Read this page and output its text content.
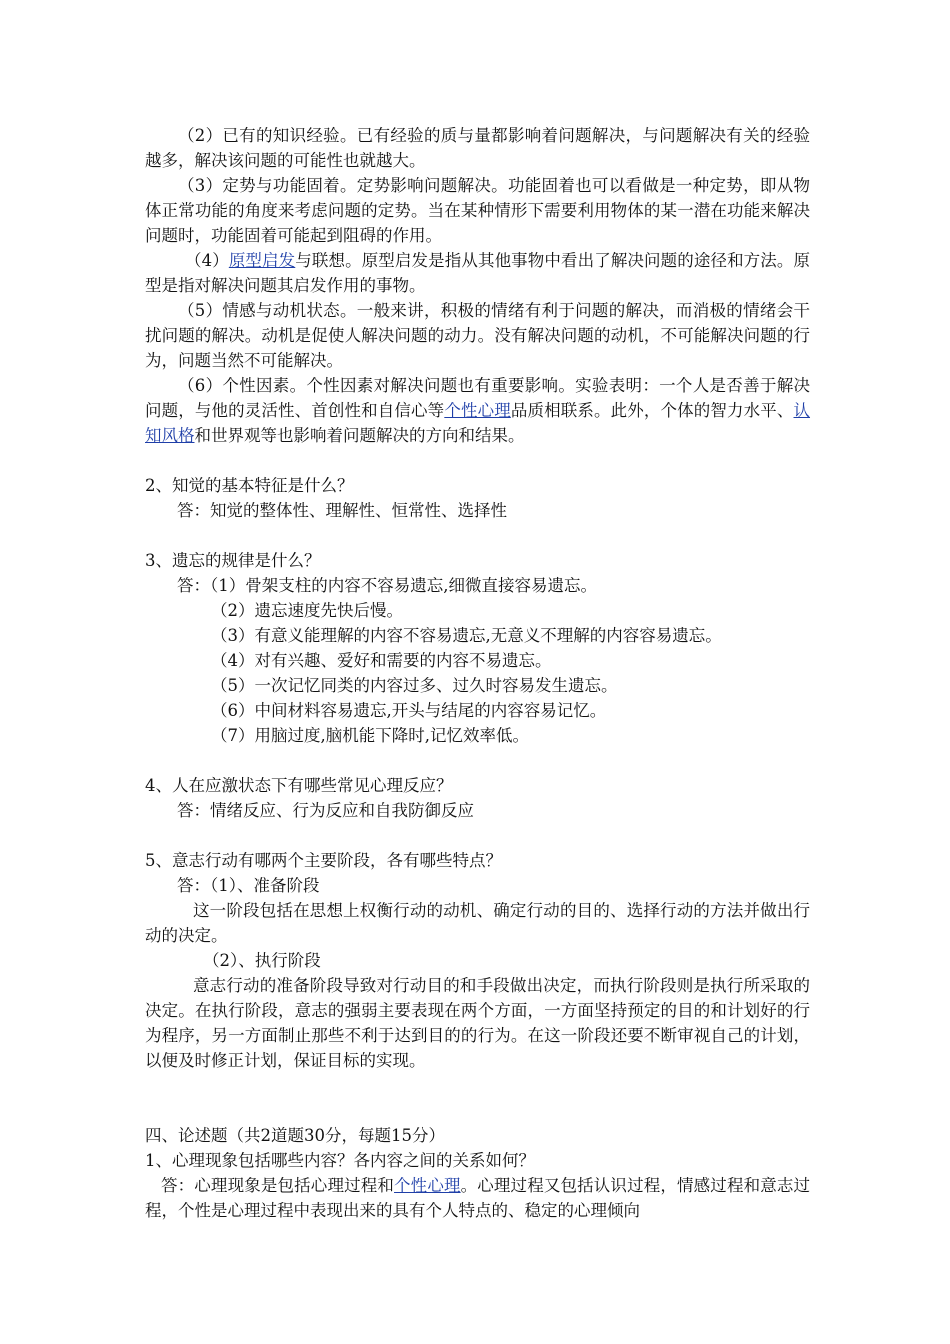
（2）已有的知识经验。已有经验的质与量都影响着问题解决，与问题解决有关的经验越多，解决该问题的可能性也就越大。

（3）定势与功能固着。定势影响问题解决。功能固着也可以看做是一种定势，即从物体正常功能的角度来考虑问题的定势。当在某种情形下需要利用物体的某一潜在功能来解决问题时，功能固着可能起到阻碍的作用。

（4）原型启发与联想。原型启发是指从其他事物中看出了解决问题的途径和方法。原型是指对解决问题其启发作用的事物。

（5）情感与动机状态。一般来讲，积极的情绪有利于问题的解决，而消极的情绪会干扰问题的解决。动机是促使人解决问题的动力。没有解决问题的动机，不可能解决问题的行为，问题当然不可能解决。

（6）个性因素。个性因素对解决问题也有重要影响。实验表明：一个人是否善于解决问题，与他的灵活性、首创性和自信心等个性心理品质相联系。此外，个体的智力水平、认知风格和世界观等也影响着问题解决的方向和结果。

2、知觉的基本特征是什么？

答：知觉的整体性、理解性、恒常性、选择性

3、遗忘的规律是什么？

答：（1）骨架支柱的内容不容易遗忘,细微直接容易遗忘。

（2）遗忘速度先快后慢。

（3）有意义能理解的内容不容易遗忘,无意义不理解的内容容易遗忘。

（4）对有兴趣、爱好和需要的内容不易遗忘。

（5）一次记忆同类的内容过多、过久时容易发生遗忘。

（6）中间材料容易遗忘,开头与结尾的内容容易记忆。

（7）用脑过度,脑机能下降时,记忆效率低。

4、人在应激状态下有哪些常见心理反应？

答：情绪反应、行为反应和自我防御反应

5、意志行动有哪两个主要阶段，各有哪些特点？

答：（1）、准备阶段

这一阶段包括在思想上权衡行动的动机、确定行动的目的、选择行动的方法并做出行动的决定。

（2）、执行阶段

意志行动的准备阶段导致对行动目的和手段做出决定，而执行阶段则是执行所采取的决定。在执行阶段，意志的强弱主要表现在两个方面，一方面坚持预定的目的和计划好的行为程序，另一方面制止那些不利于达到目的的行为。在这一阶段还要不断审视自己的计划，以便及时修正计划，保证目标的实现。

四、论述题（共2道题30分，每题15分）

1、心理现象包括哪些内容？各内容之间的关系如何？

答：心理现象是包括心理过程和个性心理。心理过程又包括认识过程，情感过程和意志过程，个性是心理过程中表现出来的具有个人特点的、稳定的心理倾向
